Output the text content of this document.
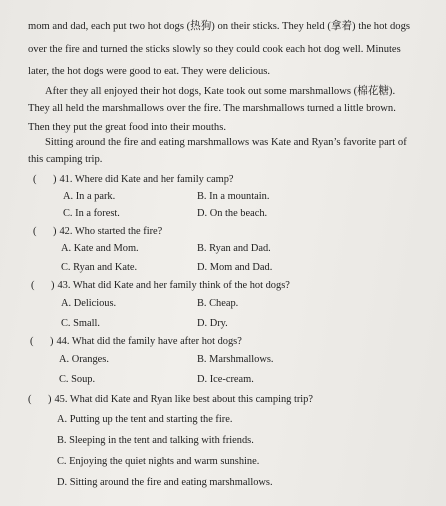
mom and dad, each put two hot dogs (热狗) on their sticks. They held (拿着) the hot dogs
over the fire and turned the sticks slowly so they could cook each hot dog well. Minutes
later, the hot dogs were good to eat. They were delicious.
After they all enjoyed their hot dogs, Kate took out some marshmallows (棉花糖).
They all held the marshmallows over the fire. The marshmallows turned a little brown.
Then they put the great food into their mouths.
Sitting around the fire and eating marshmallows was Kate and Ryan’s favorite part of
this camping trip.
( ) 41. Where did Kate and her family camp?
A. In a park.	B. In a mountain.
C. In a forest.	D. On the beach.
( ) 42. Who started the fire?
A. Kate and Mom.	B. Ryan and Dad.
C. Ryan and Kate.	D. Mom and Dad.
( ) 43. What did Kate and her family think of the hot dogs?
A. Delicious.	B. Cheap.
C. Small.	D. Dry.
( ) 44. What did the family have after hot dogs?
A. Oranges.	B. Marshmallows.
C. Soup.	D. Ice-cream.
( ) 45. What did Kate and Ryan like best about this camping trip?
A. Putting up the tent and starting the fire.
B. Sleeping in the tent and talking with friends.
C. Enjoying the quiet nights and warm sunshine.
D. Sitting around the fire and eating marshmallows.
